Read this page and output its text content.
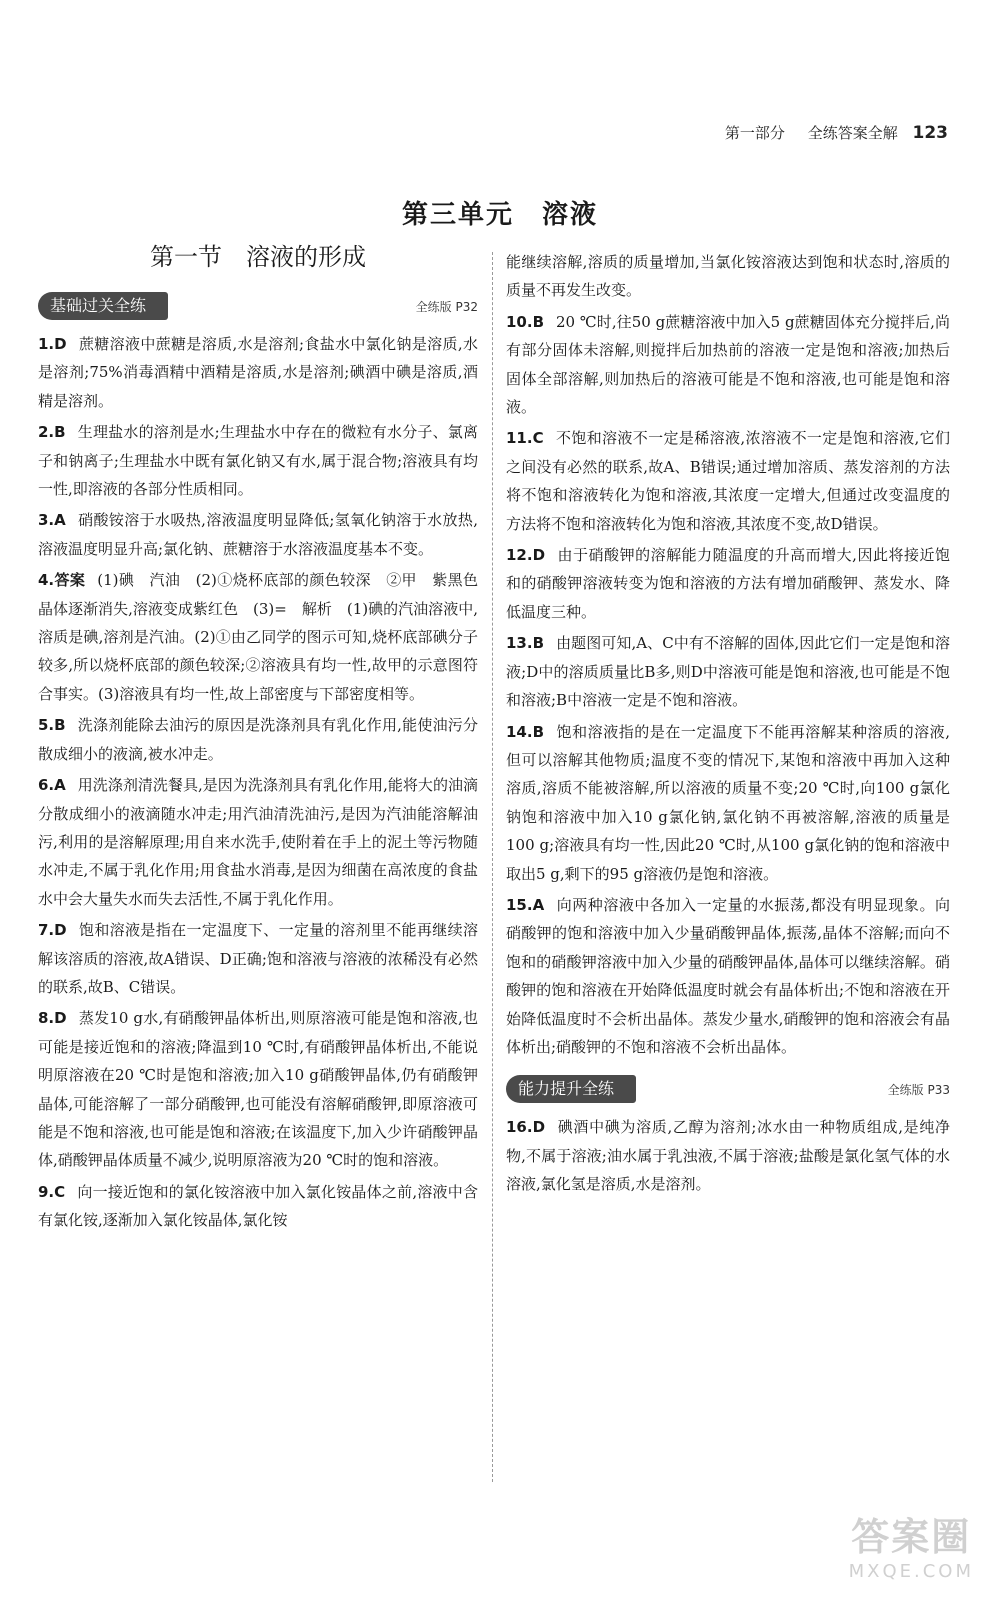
第一部分 全练答案全解 123
第三单元　溶液
第一节　溶液的形成
基础过关全练	全练版 P32

1.D 蔗糖溶液中蔗糖是溶质,水是溶剂;食盐水中氯化钠是溶质,水是溶剂;75%消毒酒精中酒精是溶质,水是溶剂;碘酒中碘是溶质,酒精是溶剂。

2.B 生理盐水的溶剂是水;生理盐水中存在的微粒有水分子、氯离子和钠离子;生理盐水中既有氯化钠又有水,属于混合物;溶液具有均一性,即溶液的各部分性质相同。

3.A 硝酸铵溶于水吸热,溶液温度明显降低;氢氧化钠溶于水放热,溶液温度明显升高;氯化钠、蔗糖溶于水溶液温度基本不变。

4.答案 (1)碘　汽油　(2)①烧杯底部的颜色较深　②甲　紫黑色晶体逐渐消失,溶液变成紫红色　(3)=　解析　(1)碘的汽油溶液中,溶质是碘,溶剂是汽油。(2)①由乙同学的图示可知,烧杯底部碘分子较多,所以烧杯底部的颜色较深;②溶液具有均一性,故甲的示意图符合事实。(3)溶液具有均一性,故上部密度与下部密度相等。

5.B 洗涤剂能除去油污的原因是洗涤剂具有乳化作用,能使油污分散成细小的液滴,被水冲走。

6.A 用洗涤剂清洗餐具,是因为洗涤剂具有乳化作用,能将大的油滴分散成细小的液滴随水冲走;用汽油清洗油污,是因为汽油能溶解油污,利用的是溶解原理;用自来水洗手,使附着在手上的泥土等污物随水冲走,不属于乳化作用;用食盐水消毒,是因为细菌在高浓度的食盐水中会大量失水而失去活性,不属于乳化作用。

7.D 饱和溶液是指在一定温度下、一定量的溶剂里不能再继续溶解该溶质的溶液,故A错误、D正确;饱和溶液与溶液的浓稀没有必然的联系,故B、C错误。

8.D 蒸发10 g水,有硝酸钾晶体析出,则原溶液可能是饱和溶液,也可能是接近饱和的溶液;降温到10 ℃时,有硝酸钾晶体析出,不能说明原溶液在20 ℃时是饱和溶液;加入10 g硝酸钾晶体,仍有硝酸钾晶体,可能溶解了一部分硝酸钾,也可能没有溶解硝酸钾,即原溶液可能是不饱和溶液,也可能是饱和溶液;在该温度下,加入少许硝酸钾晶体,硝酸钾晶体质量不减少,说明原溶液为20 ℃时的饱和溶液。

9.C 向一接近饱和的氯化铵溶液中加入氯化铵晶体之前,溶液中含有氯化铵,逐渐加入氯化铵晶体,氯化铵

能继续溶解,溶质的质量增加,当氯化铵溶液达到饱和状态时,溶质的质量不再发生改变。

10.B 20 ℃时,往50 g蔗糖溶液中加入5 g蔗糖固体充分搅拌后,尚有部分固体未溶解,则搅拌后加热前的溶液一定是饱和溶液;加热后固体全部溶解,则加热后的溶液可能是不饱和溶液,也可能是饱和溶液。

11.C 不饱和溶液不一定是稀溶液,浓溶液不一定是饱和溶液,它们之间没有必然的联系,故A、B错误;通过增加溶质、蒸发溶剂的方法将不饱和溶液转化为饱和溶液,其浓度一定增大,但通过改变温度的方法将不饱和溶液转化为饱和溶液,其浓度不变,故D错误。

12.D 由于硝酸钾的溶解能力随温度的升高而增大,因此将接近饱和的硝酸钾溶液转变为饱和溶液的方法有增加硝酸钾、蒸发水、降低温度三种。

13.B 由题图可知,A、C中有不溶解的固体,因此它们一定是饱和溶液;D中的溶质质量比B多,则D中溶液可能是饱和溶液,也可能是不饱和溶液;B中溶液一定是不饱和溶液。

14.B 饱和溶液指的是在一定温度下不能再溶解某种溶质的溶液,但可以溶解其他物质;温度不变的情况下,某饱和溶液中再加入这种溶质,溶质不能被溶解,所以溶液的质量不变;20 ℃时,向100 g氯化钠饱和溶液中加入10 g氯化钠,氯化钠不再被溶解,溶液的质量是100 g;溶液具有均一性,因此20 ℃时,从100 g氯化钠的饱和溶液中取出5 g,剩下的95 g溶液仍是饱和溶液。

15.A 向两种溶液中各加入一定量的水振荡,都没有明显现象。向硝酸钾的饱和溶液中加入少量硝酸钾晶体,振荡,晶体不溶解;而向不饱和的硝酸钾溶液中加入少量的硝酸钾晶体,晶体可以继续溶解。硝酸钾的饱和溶液在开始降低温度时就会有晶体析出;不饱和溶液在开始降低温度时不会析出晶体。蒸发少量水,硝酸钾的饱和溶液会有晶体析出;硝酸钾的不饱和溶液不会析出晶体。

能力提升全练	全练版 P33

16.D 碘酒中碘为溶质,乙醇为溶剂;冰水由一种物质组成,是纯净物,不属于溶液;油水属于乳浊液,不属于溶液;盐酸是氯化氢气体的水溶液,氯化氢是溶质,水是溶剂。

答案圈
MXQE.COM
